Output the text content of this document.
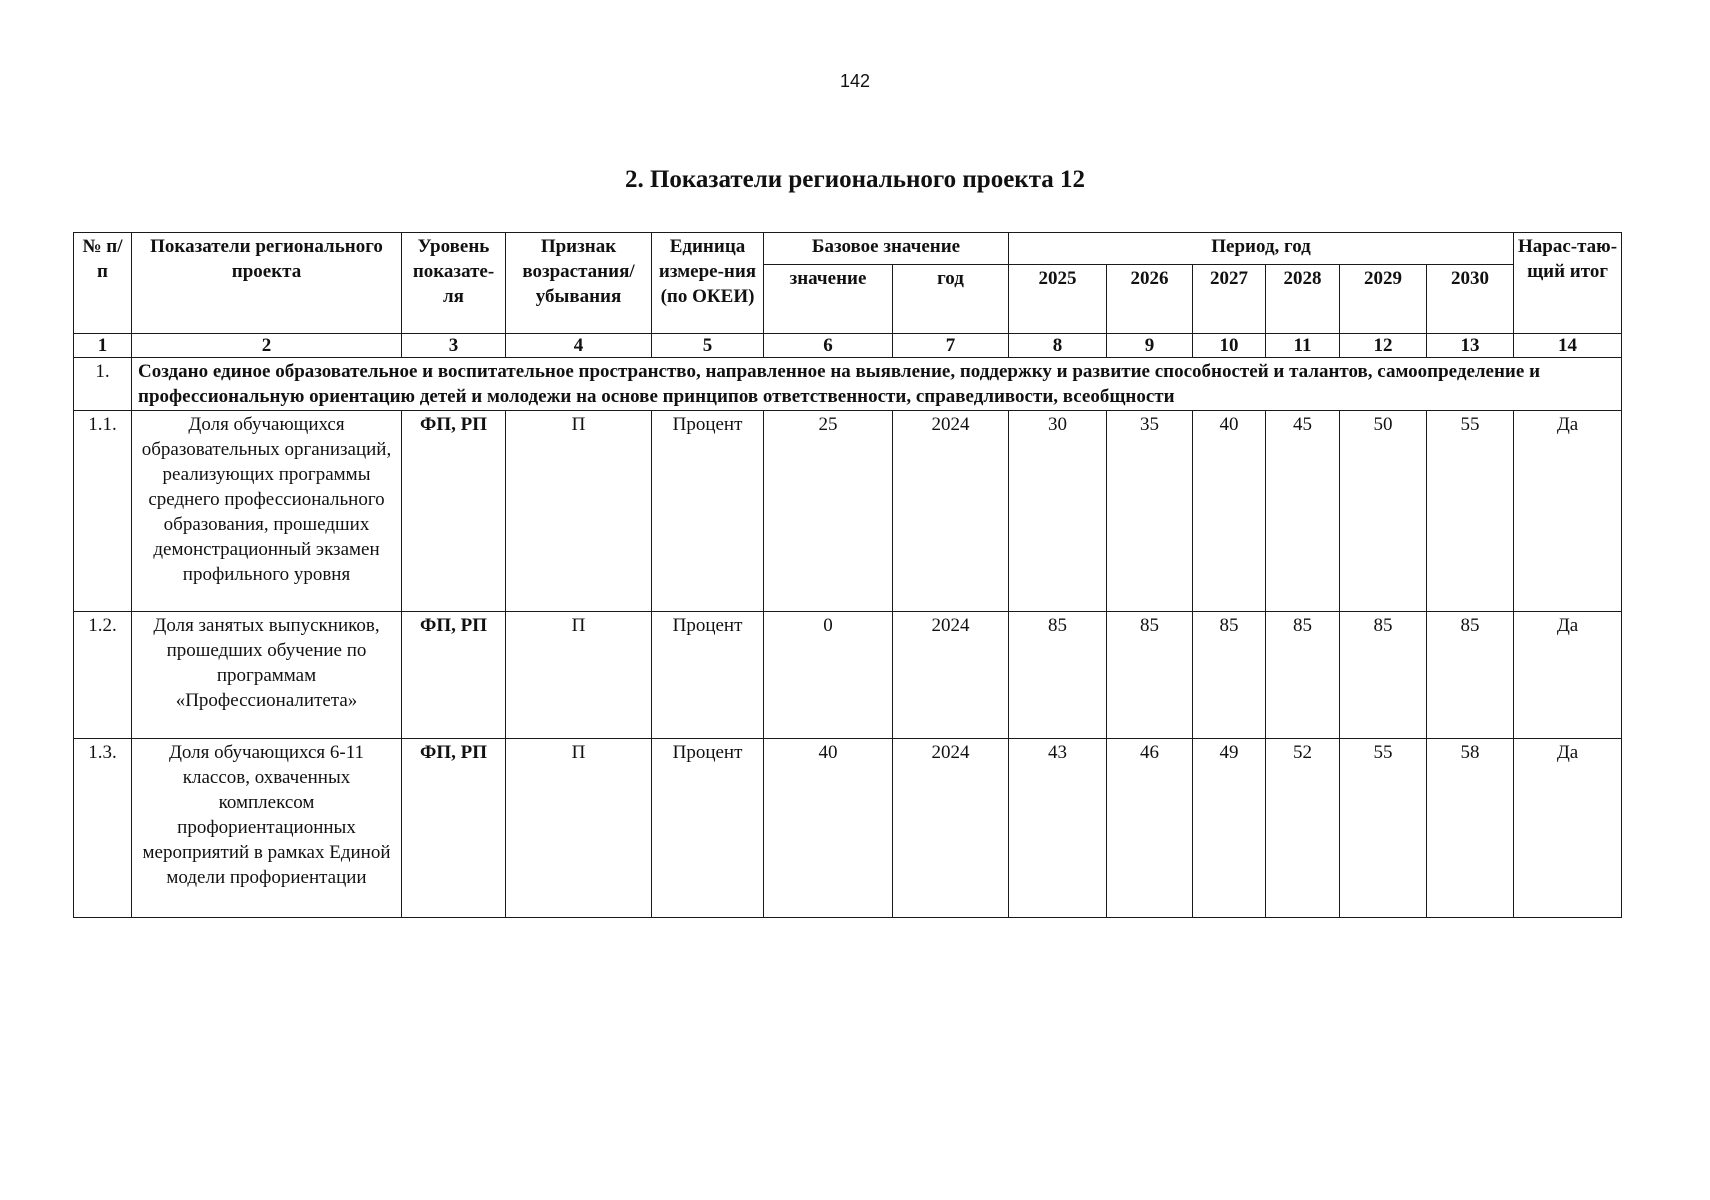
142
2. Показатели регионального проекта 12
№ п/п	Показатели регионального проекта	Уровень показате-ля	Признак возрастания/ убывания	Единица измере-ния (по ОКЕИ)	Базовое значение		Период, год						Нарас-таю-щий итог
					значение	год	2025	2026	2027	2028	2029	2030	
1	2	3	4	5	6	7	8	9	10	11	12	13	14
1.	Создано единое образовательное и воспитательное пространство, направленное на выявление, поддержку и развитие способностей и талантов, самоопределение и профессиональную ориентацию детей и молодежи на основе принципов ответственности, справедливости, всеобщности												
1.1.	Доля обучающихся образовательных организаций, реализующих программы среднего профессионального образования, прошедших демонстрационный экзамен профильного уровня	ФП, РП	П	Процент	25	2024	30	35	40	45	50	55	Да
1.2.	Доля занятых выпускников, прошедших обучение по программам «Профессионалитета»	ФП, РП	П	Процент	0	2024	85	85	85	85	85	85	Да
1.3.	Доля обучающихся 6-11 классов, охваченных комплексом профориентационных мероприятий в рамках Единой модели профориентации	ФП, РП	П	Процент	40	2024	43	46	49	52	55	58	Да
